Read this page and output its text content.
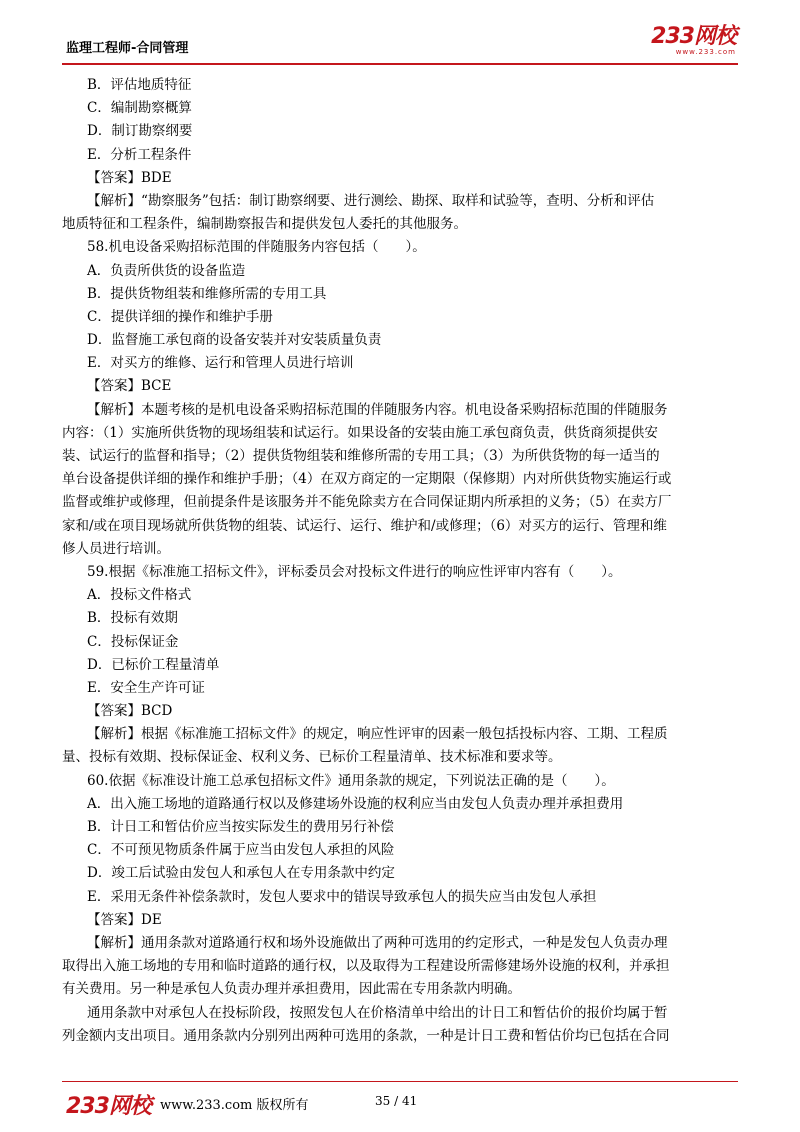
监理工程师-合同管理	233网校
www.233.com
B．评估地质特征
C．编制勘察概算
D．制订勘察纲要
E．分析工程条件
【答案】BDE
【解析】“勘察服务”包括：制订勘察纲要、进行测绘、勘探、取样和试验等，查明、分析和评估
地质特征和工程条件，编制勘察报告和提供发包人委托的其他服务。
58.机电设备采购招标范围的伴随服务内容包括（　　）。
A．负责所供货的设备监造
B．提供货物组装和维修所需的专用工具
C．提供详细的操作和维护手册
D．监督施工承包商的设备安装并对安装质量负责
E．对买方的维修、运行和管理人员进行培训
【答案】BCE
【解析】本题考核的是机电设备采购招标范围的伴随服务内容。机电设备采购招标范围的伴随服务
内容：（1）实施所供货物的现场组装和试运行。如果设备的安装由施工承包商负责，供货商须提供安
装、试运行的监督和指导；（2）提供货物组装和维修所需的专用工具；（3）为所供货物的每一适当的
单台设备提供详细的操作和维护手册；（4）在双方商定的一定期限（保修期）内对所供货物实施运行或
监督或维护或修理，但前提条件是该服务并不能免除卖方在合同保证期内所承担的义务；（5）在卖方厂
家和/或在项目现场就所供货物的组装、试运行、运行、维护和/或修理；（6）对买方的运行、管理和维
修人员进行培训。
59.根据《标准施工招标文件》，评标委员会对投标文件进行的响应性评审内容有（　　）。
A．投标文件格式
B．投标有效期
C．投标保证金
D．已标价工程量清单
E．安全生产许可证
【答案】BCD
【解析】根据《标准施工招标文件》的规定，响应性评审的因素一般包括投标内容、工期、工程质
量、投标有效期、投标保证金、权利义务、已标价工程量清单、技术标准和要求等。
60.依据《标准设计施工总承包招标文件》通用条款的规定，下列说法正确的是（　　）。
A．出入施工场地的道路通行权以及修建场外设施的权利应当由发包人负责办理并承担费用
B．计日工和暂估价应当按实际发生的费用另行补偿
C．不可预见物质条件属于应当由发包人承担的风险
D．竣工后试验由发包人和承包人在专用条款中约定
E．采用无条件补偿条款时，发包人要求中的错误导致承包人的损失应当由发包人承担
【答案】DE
【解析】通用条款对道路通行权和场外设施做出了两种可选用的约定形式，一种是发包人负责办理
取得出入施工场地的专用和临时道路的通行权，以及取得为工程建设所需修建场外设施的权利，并承担
有关费用。另一种是承包人负责办理并承担费用，因此需在专用条款内明确。
通用条款中对承包人在投标阶段，按照发包人在价格清单中给出的计日工和暂估价的报价均属于暂
列金额内支出项目。通用条款内分别列出两种可选用的条款，一种是计日工费和暂估价均已包括在合同
233网校 www.233.com 版权所有	35 / 41
